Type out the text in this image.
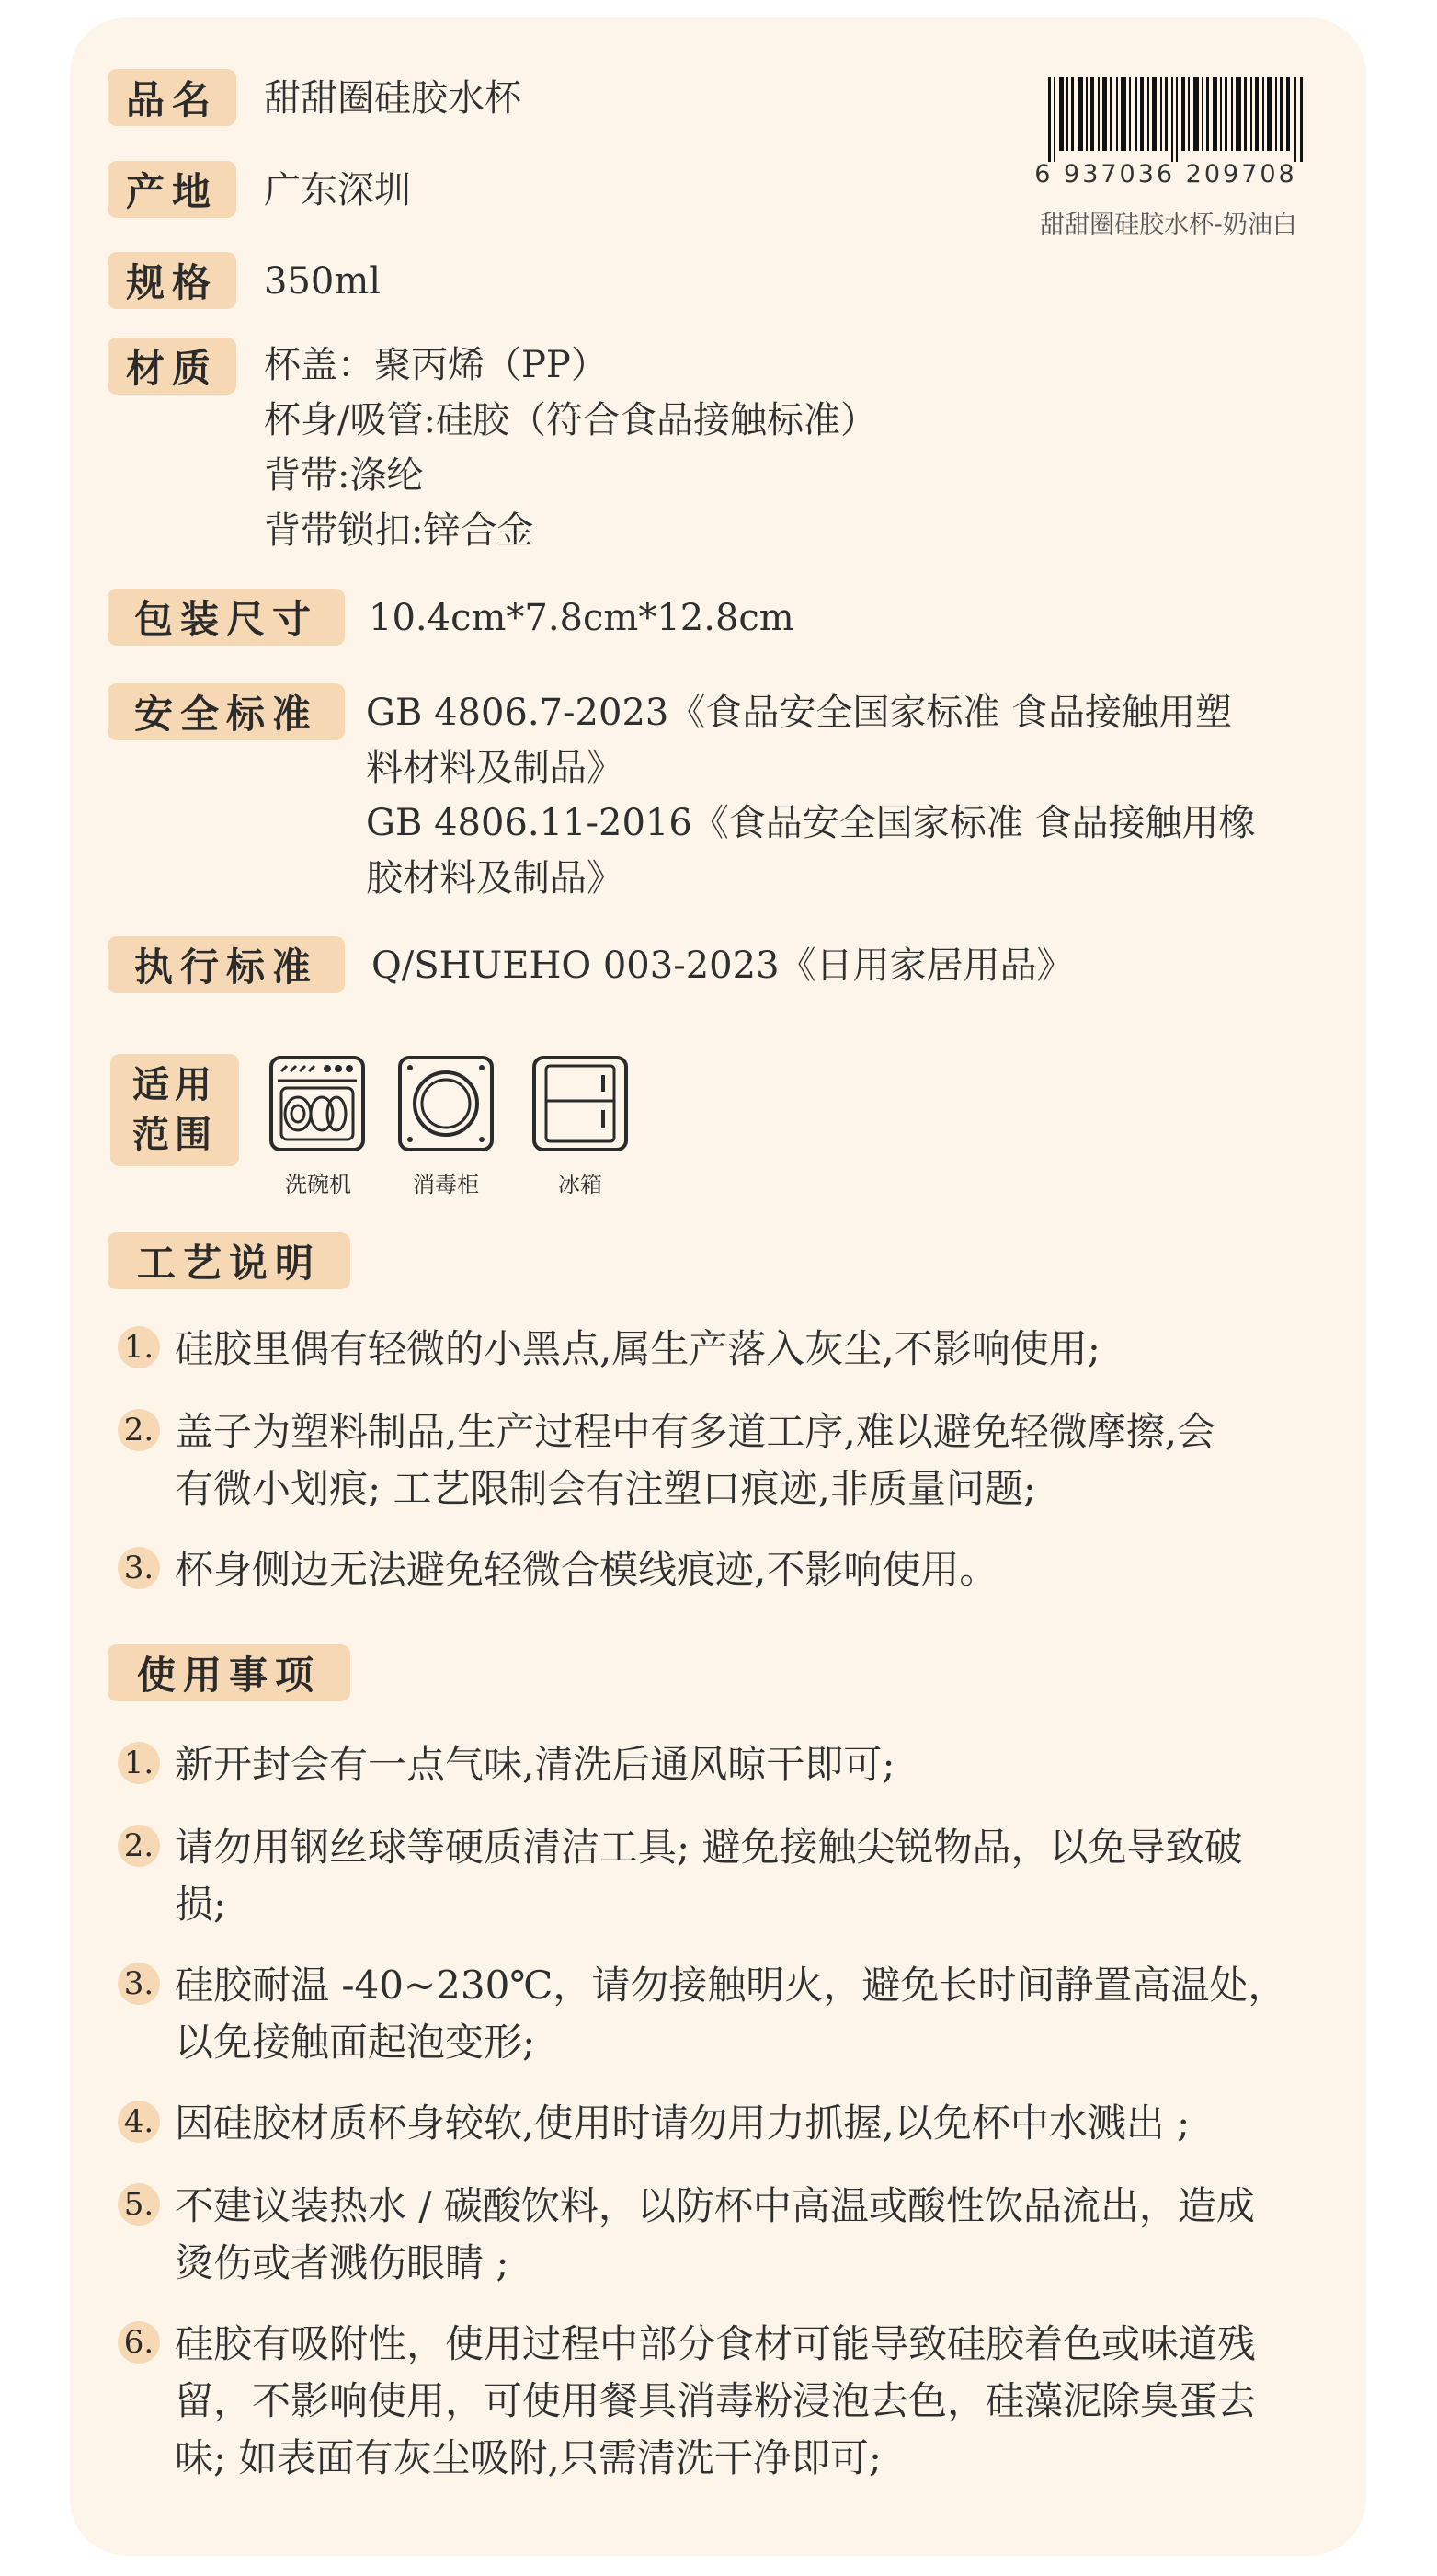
品名	甜甜圈硅胶水杯
产地	广东深圳
规格	350ml
材质	杯盖：聚丙烯（PP）
杯身/吸管:硅胶（符合食品接触标准）
背带:涤纶
背带锁扣:锌合金
包装尺寸	10.4cm*7.8cm*12.8cm
安全标准	GB 4806.7-2023《食品安全国家标准 食品接触用塑
料材料及制品》
GB 4806.11-2016《食品安全国家标准 食品接触用橡
胶材料及制品》
执行标准	Q/SHUEHO 003-2023《日用家居用品》
6 937036 209708
甜甜圈硅胶水杯-奶油白
适用
范围
洗碗机	消毒柜	冰箱
工艺说明
1. 硅胶里偶有轻微的小黑点,属生产落入灰尘,不影响使用;
2. 盖子为塑料制品,生产过程中有多道工序,难以避免轻微摩擦,会
有微小划痕; 工艺限制会有注塑口痕迹,非质量问题;
3. 杯身侧边无法避免轻微合模线痕迹,不影响使用。
使用事项
1. 新开封会有一点气味,清洗后通风晾干即可;
2. 请勿用钢丝球等硬质清洁工具; 避免接触尖锐物品，以免导致破
损;
3. 硅胶耐温 -40~230℃，请勿接触明火，避免长时间静置高温处，
以免接触面起泡变形;
4. 因硅胶材质杯身较软,使用时请勿用力抓握,以免杯中水溅出 ;
5. 不建议装热水 / 碳酸饮料，以防杯中高温或酸性饮品流出，造成
烫伤或者溅伤眼睛 ;
6. 硅胶有吸附性，使用过程中部分食材可能导致硅胶着色或味道残
留，不影响使用，可使用餐具消毒粉浸泡去色，硅藻泥除臭蛋去
味; 如表面有灰尘吸附,只需清洗干净即可;
